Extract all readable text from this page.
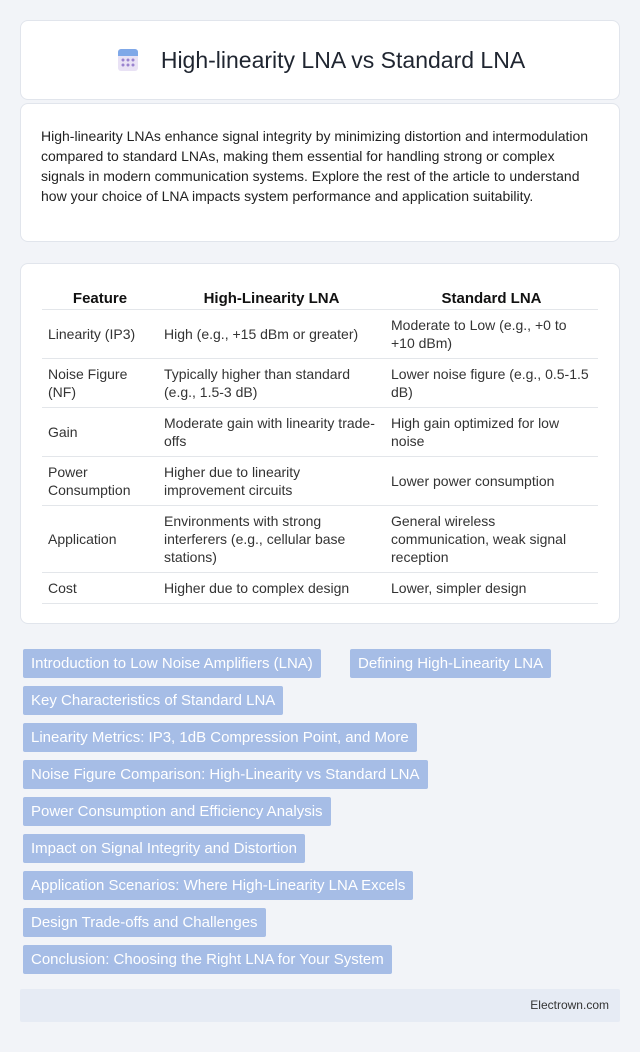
High-linearity LNA vs Standard LNA

High-linearity LNAs enhance signal integrity by minimizing distortion and intermodulation compared to standard LNAs, making them essential for handling strong or complex signals in modern communication systems. Explore the rest of the article to understand how your choice of LNA impacts system performance and application suitability.

Feature	High-Linearity LNA	Standard LNA
Linearity (IP3)	High (e.g., +15 dBm or greater)	Moderate to Low (e.g., +0 to +10 dBm)
Noise Figure (NF)	Typically higher than standard (e.g., 1.5-3 dB)	Lower noise figure (e.g., 0.5-1.5 dB)
Gain	Moderate gain with linearity trade-offs	High gain optimized for low noise
Power Consumption	Higher due to linearity improvement circuits	Lower power consumption
Application	Environments with strong interferers (e.g., cellular base stations)	General wireless communication, weak signal reception
Cost	Higher due to complex design	Lower, simpler design
Introduction to Low Noise Amplifiers (LNA)	Defining High-Linearity LNA
Key Characteristics of Standard LNA
Linearity Metrics: IP3, 1dB Compression Point, and More
Noise Figure Comparison: High-Linearity vs Standard LNA
Power Consumption and Efficiency Analysis
Impact on Signal Integrity and Distortion
Application Scenarios: Where High-Linearity LNA Excels
Design Trade-offs and Challenges
Conclusion: Choosing the Right LNA for Your System
Electrown.com
